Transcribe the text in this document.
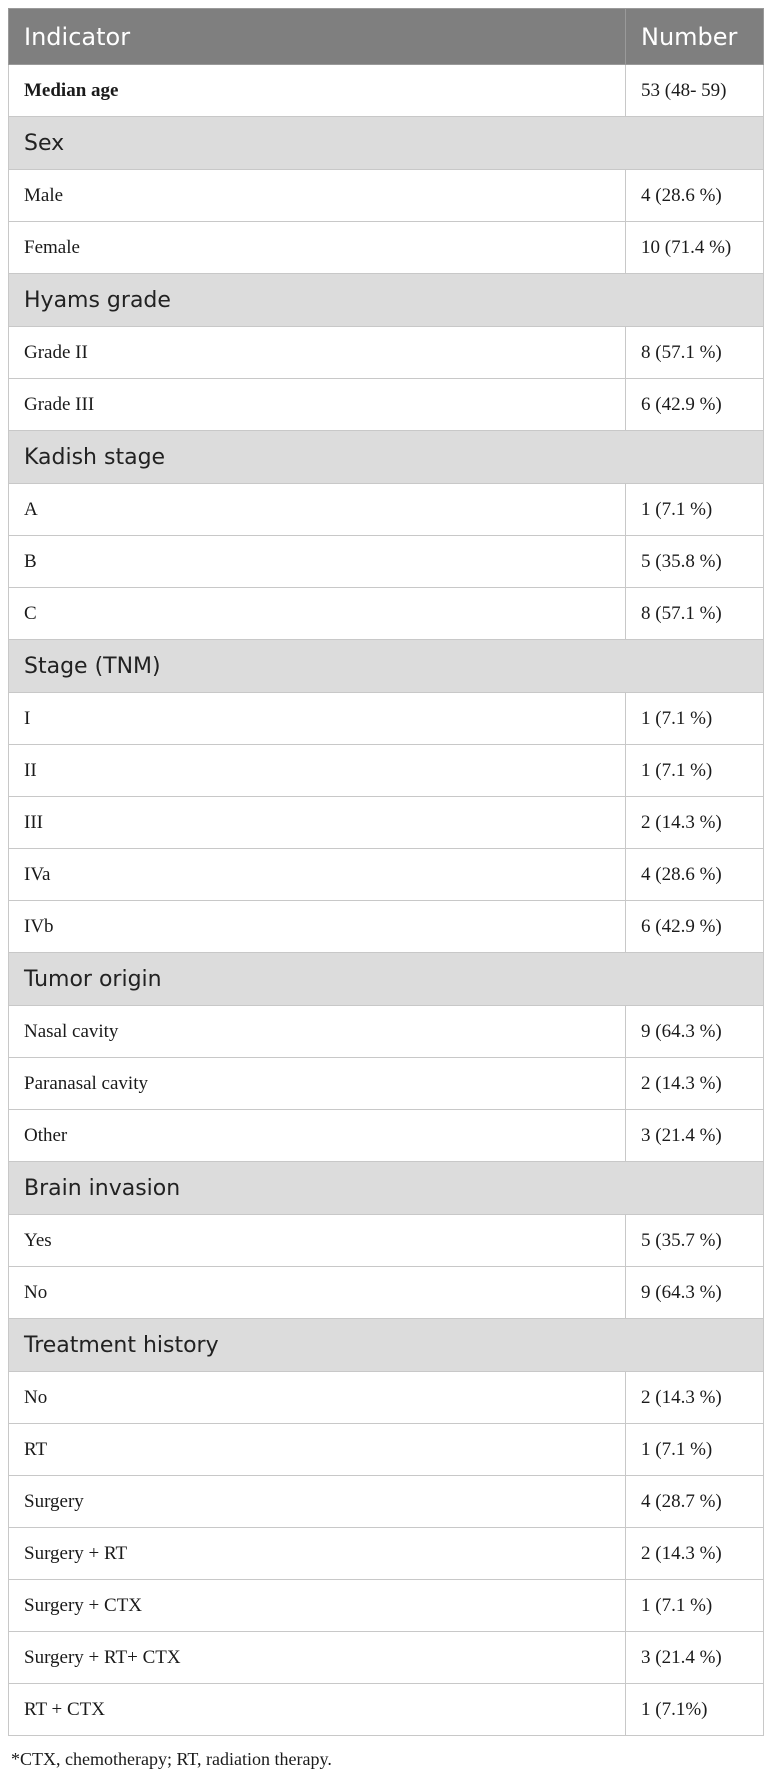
Indicator	Number
Median age	53 (48- 59)
Sex	
Male	4 (28.6 %)
Female	10 (71.4 %)
Hyams grade	
Grade II	8 (57.1 %)
Grade III	6 (42.9 %)
Kadish stage	
A	1 (7.1 %)
B	5 (35.8 %)
C	8 (57.1 %)
Stage (TNM)	
I	1 (7.1 %)
II	1 (7.1 %)
III	2 (14.3 %)
IVa	4 (28.6 %)
IVb	6 (42.9 %)
Tumor origin	
Nasal cavity	9 (64.3 %)
Paranasal cavity	2 (14.3 %)
Other	3 (21.4 %)
Brain invasion	
Yes	5 (35.7 %)
No	9 (64.3 %)
Treatment history	
No	2 (14.3 %)
RT	1 (7.1 %)
Surgery	4 (28.7 %)
Surgery + RT	2 (14.3 %)
Surgery + CTX	1 (7.1 %)
Surgery + RT+ CTX	3 (21.4 %)
RT + CTX	1 (7.1%)
*CTX, chemotherapy; RT, radiation therapy.
